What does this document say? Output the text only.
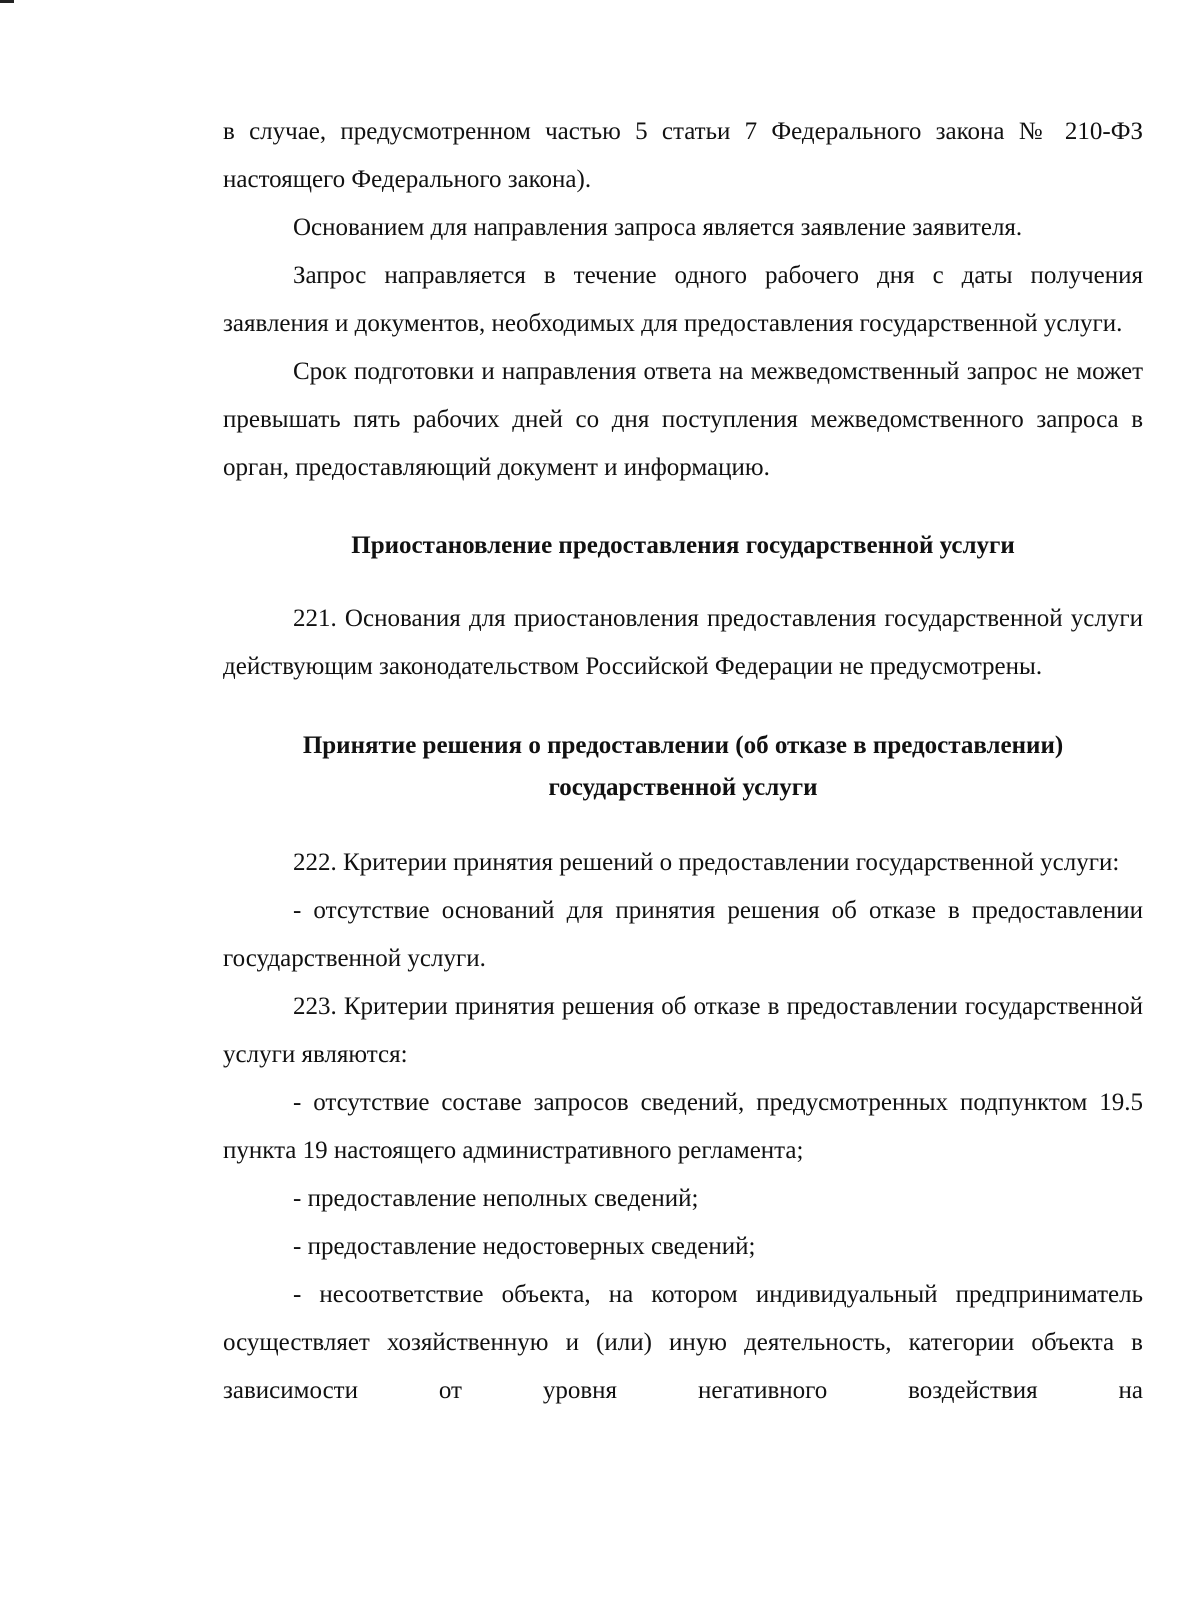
в случае, предусмотренном частью 5 статьи 7 Федерального закона № 210-ФЗ настоящего Федерального закона).

Основанием для направления запроса является заявление заявителя.

Запрос направляется в течение одного рабочего дня с даты получения заявления и документов, необходимых для предоставления государственной услуги.

Срок подготовки и направления ответа на межведомственный запрос не может превышать пять рабочих дней со дня поступления межведомственного запроса в орган, предоставляющий документ и информацию.

Приостановление предоставления государственной услуги

221. Основания для приостановления предоставления государственной услуги действующим законодательством Российской Федерации не предусмотрены.

Принятие решения о предоставлении (об отказе в предоставлении)
государственной услуги

222. Критерии принятия решений о предоставлении государственной услуги:

- отсутствие оснований для принятия решения об отказе в предоставлении государственной услуги.

223. Критерии принятия решения об отказе в предоставлении государственной услуги являются:

- отсутствие составе запросов сведений, предусмотренных подпунктом 19.5 пункта 19 настоящего административного регламента;

- предоставление неполных сведений;

- предоставление недостоверных сведений;

- несоответствие объекта, на котором индивидуальный предприниматель осуществляет хозяйственную и (или) иную деятельность, категории объекта в зависимости от уровня негативного воздействия на
